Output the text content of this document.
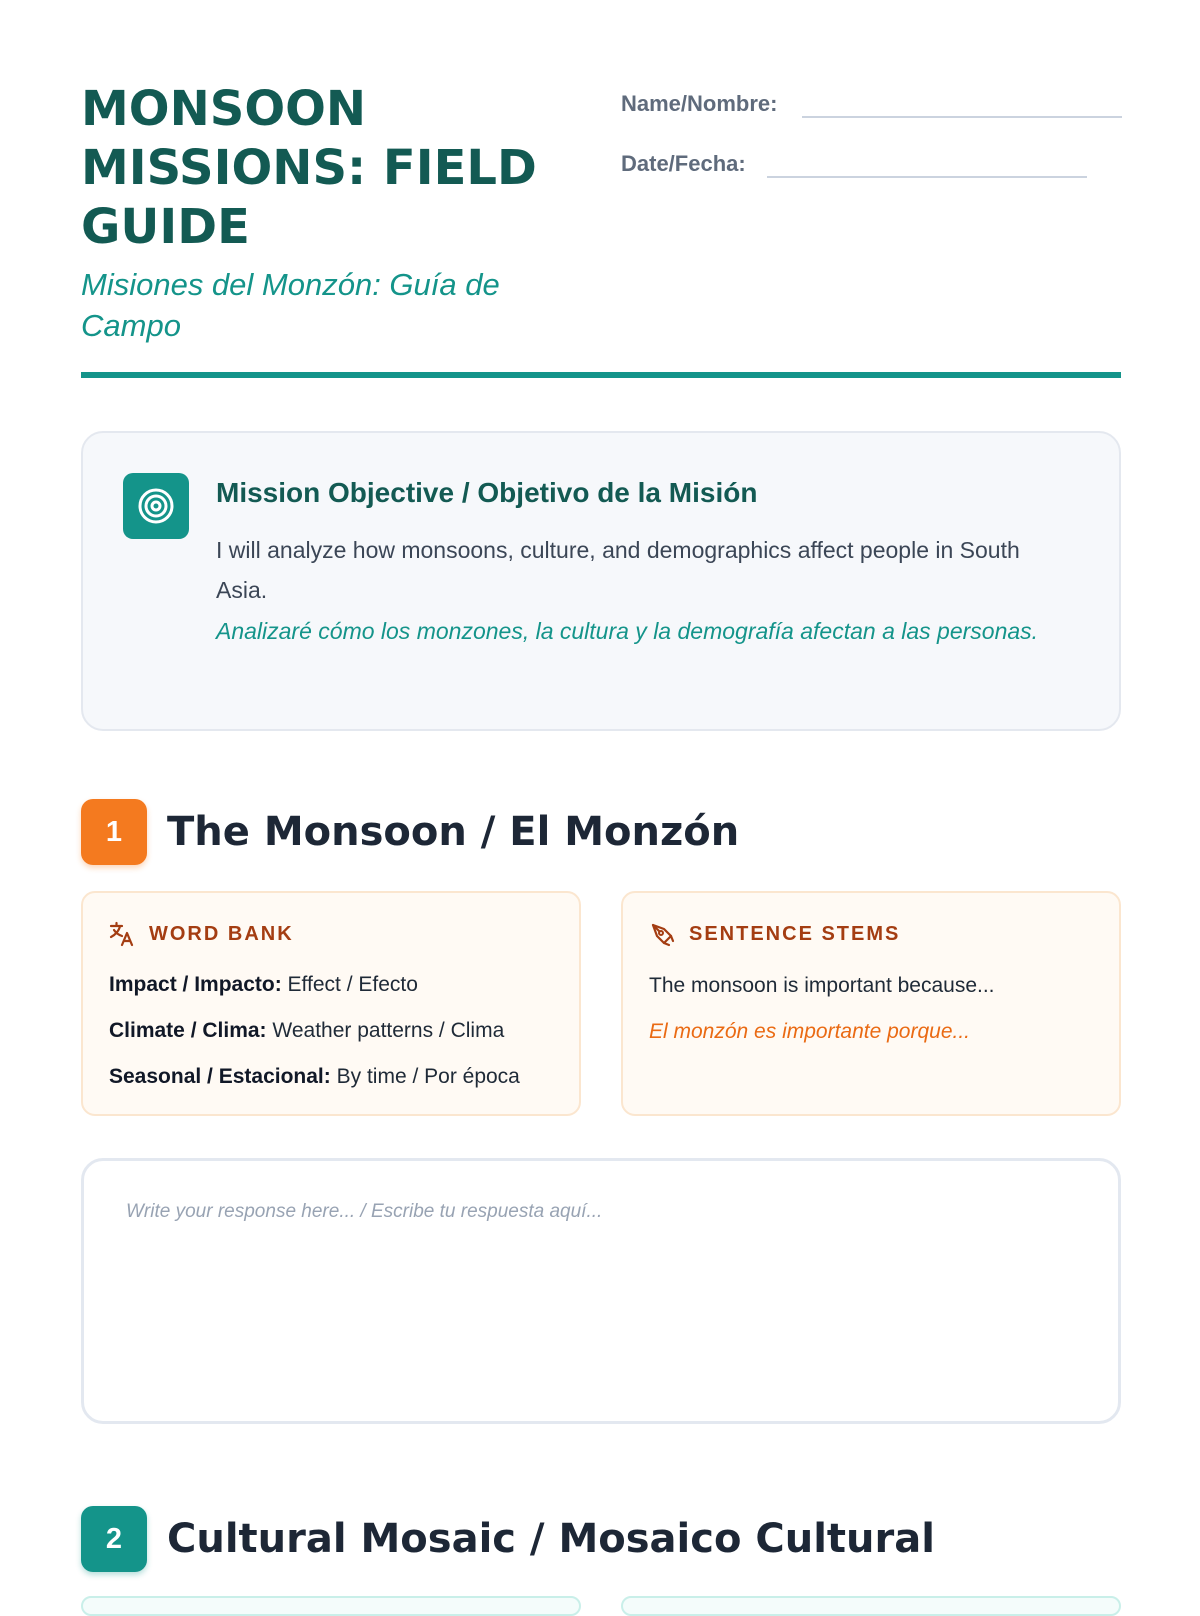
MONSOON MISSIONS: FIELD GUIDE
Misiones del Monzón: Guía de Campo
Name/Nombre:
Date/Fecha:
Mission Objective / Objetivo de la Misión
I will analyze how monsoons, culture, and demographics affect people in South Asia.
Analizaré cómo los monzones, la cultura y la demografía afectan a las personas.
1	The Monsoon / El Monzón
WORD BANK
Impact / Impacto: Effect / Efecto
Climate / Clima: Weather patterns / Clima
Seasonal / Estacional: By time / Por época
SENTENCE STEMS
The monsoon is important because...
El monzón es importante porque...
Write your response here... / Escribe tu respuesta aquí...
2	Cultural Mosaic / Mosaico Cultural
